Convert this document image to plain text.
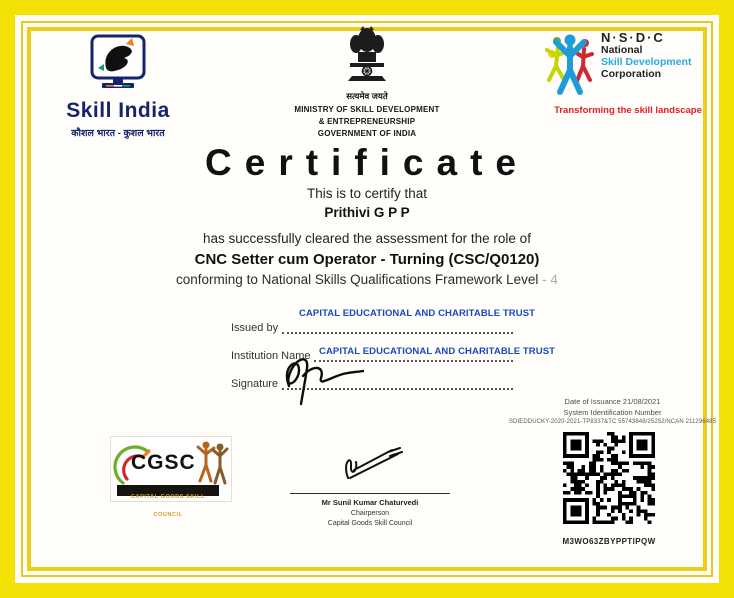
Skill India
कौशल भारत - कुशल भारत
सत्यमेव जयते
MINISTRY OF SKILL DEVELOPMENT
& ENTREPRENEURSHIP
GOVERNMENT OF INDIA
N·S·D·C
National
Skill Development
Corporation
Transforming the skill landscape
Certificate
This is to certify that
Prithivi G P P
has successfully cleared the assessment for the role of
CNC Setter cum Operator - Turning (CSC/Q0120)
conforming to National Skills Qualifications Framework Level - 4
Issued by
CAPITAL EDUCATIONAL AND CHARITABLE TRUST
Institution Name CAPITAL EDUCATIONAL AND CHARITABLE TRUST
Signature
CGSC
CAPITAL GOODS SKILL COUNCIL
Mr Sunil Kumar Chaturvedi
Chairperson
Capital Goods Skill Council
Date of Issuance 21/08/2021
System Identification Number
SDIEDDUCKY-2020-2021-TP8337&TC 55743848/25252/NCAN 211296485
M3WO63ZBYPPTIPQW
